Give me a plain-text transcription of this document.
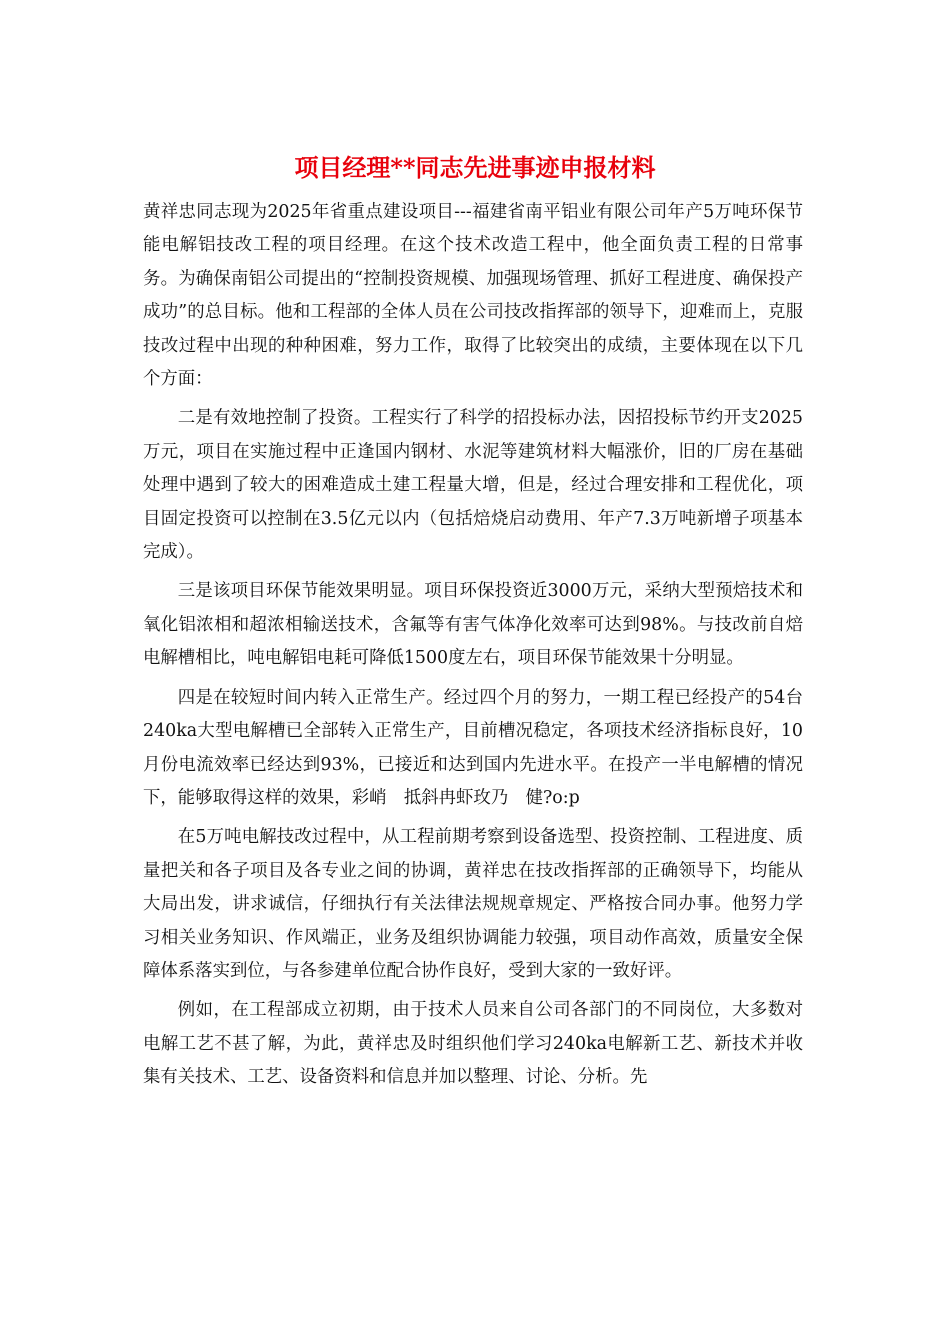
项目经理**同志先进事迹申报材料

黄祥忠同志现为2025年省重点建设项目---福建省南平铝业有限公司年产5万吨环保节能电解铝技改工程的项目经理。在这个技术改造工程中，他全面负责工程的日常事务。为确保南铝公司提出的“控制投资规模、加强现场管理、抓好工程进度、确保投产成功”的总目标。他和工程部的全体人员在公司技改指挥部的领导下，迎难而上，克服技改过程中出现的种种困难，努力工作，取得了比较突出的成绩，主要体现在以下几个方面：

二是有效地控制了投资。工程实行了科学的招投标办法，因招投标节约开支2025万元，项目在实施过程中正逢国内钢材、水泥等建筑材料大幅涨价，旧的厂房在基础处理中遇到了较大的困难造成土建工程量大增，但是，经过合理安排和工程优化，项目固定投资可以控制在3.5亿元以内（包括焙烧启动费用、年产7.3万吨新增子项基本完成）。

三是该项目环保节能效果明显。项目环保投资近3000万元，采纳大型预焙技术和氧化铝浓相和超浓相输送技术，含氟等有害气体净化效率可达到98%。与技改前自焙电解槽相比，吨电解铝电耗可降低1500度左右，项目环保节能效果十分明显。

四是在较短时间内转入正常生产。经过四个月的努力，一期工程已经投产的54台240ka大型电解槽已全部转入正常生产，目前槽况稳定，各项技术经济指标良好，10月份电流效率已经达到93%，已接近和达到国内先进水平。在投产一半电解槽的情况下，能够取得这样的效果，彩峭　抵斜冉虾玫乃　健?o:p

在5万吨电解技改过程中，从工程前期考察到设备选型、投资控制、工程进度、质量把关和各子项目及各专业之间的协调，黄祥忠在技改指挥部的正确领导下，均能从大局出发，讲求诚信，仔细执行有关法律法规规章规定、严格按合同办事。他努力学习相关业务知识、作风端正，业务及组织协调能力较强，项目动作高效，质量安全保障体系落实到位，与各参建单位配合协作良好，受到大家的一致好评。

例如，在工程部成立初期，由于技术人员来自公司各部门的不同岗位，大多数对电解工艺不甚了解，为此，黄祥忠及时组织他们学习240ka电解新工艺、新技术并收集有关技术、工艺、设备资料和信息并加以整理、讨论、分析。先
